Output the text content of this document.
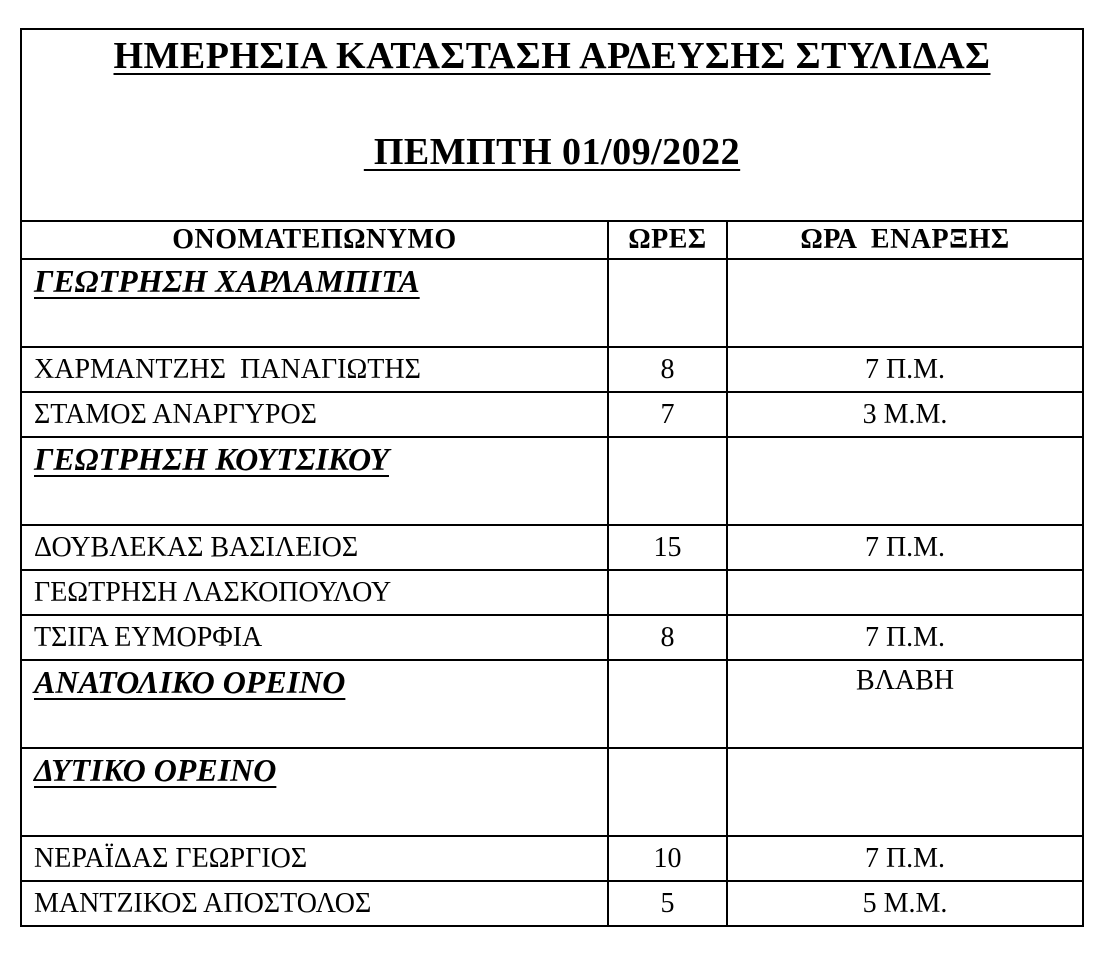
ΗΜΕΡΗΣΙΑ ΚΑΤΑΣΤΑΣΗ ΑΡΔΕΥΣΗΣ ΣΤΥΛΙΔΑΣ
ΠΕΜΠΤΗ 01/09/2022		

ΟΝΟΜΑΤΕΠΩΝΥΜΟ	ΩΡΕΣ	ΩΡΑ  ΕΝΑΡΞΗΣ

ΓΕΩΤΡΗΣΗ ΧΑΡΛΑΜΠΙΤΑ		

ΧΑΡΜΑΝΤΖΗΣ  ΠΑΝΑΓΙΩΤΗΣ	8	7 Π.Μ.
ΣΤΑΜΟΣ ΑΝΑΡΓΥΡΟΣ	7	3 Μ.Μ.

ΓΕΩΤΡΗΣΗ ΚΟΥΤΣΙΚΟΥ		

ΔΟΥΒΛΕΚΑΣ ΒΑΣΙΛΕΙΟΣ	15	7 Π.Μ.
ΓΕΩΤΡΗΣΗ ΛΑΣΚΟΠΟΥΛΟΥ		
ΤΣΙΓΑ ΕΥΜΟΡΦΙΑ	8	7 Π.Μ.

ΑΝΑΤΟΛΙΚΟ ΟΡΕΙΝΟ		ΒΛΑΒΗ

ΔΥΤΙΚΟ ΟΡΕΙΝΟ		

ΝΕΡΑΪΔΑΣ ΓΕΩΡΓΙΟΣ	10	7 Π.Μ.
ΜΑΝΤΖΙΚΟΣ ΑΠΟΣΤΟΛΟΣ	5	5 Μ.Μ.
